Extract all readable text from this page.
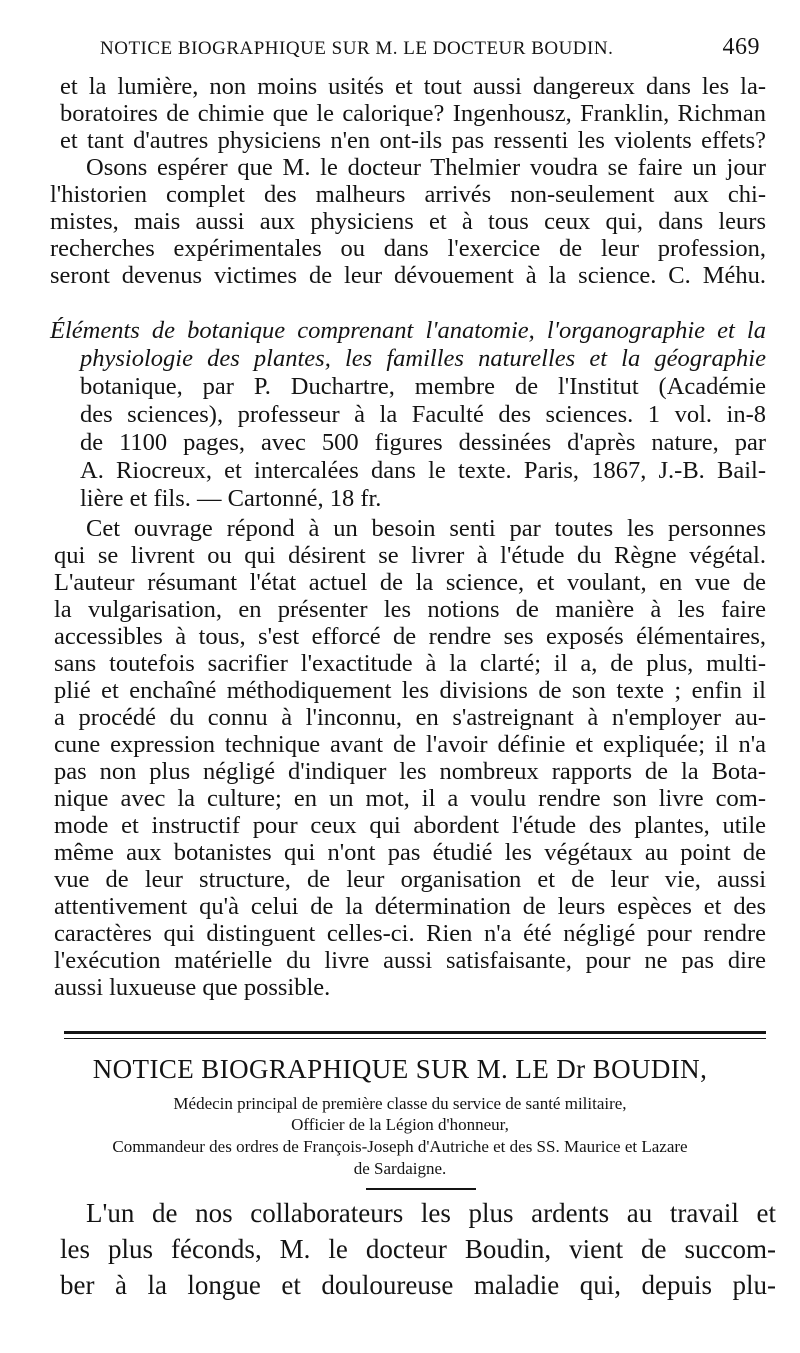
NOTICE BIOGRAPHIQUE SUR M. LE DOCTEUR BOUDIN.	469
et la lumière, non moins usités et tout aussi dangereux dans les la-
boratoires de chimie que le calorique? Ingenhousz, Franklin, Richman
et tant d'autres physiciens n'en ont-ils pas ressenti les violents effets?
Osons espérer que M. le docteur Thelmier voudra se faire un jour
l'historien complet des malheurs arrivés non-seulement aux chi-
mistes, mais aussi aux physiciens et à tous ceux qui, dans leurs
recherches expérimentales ou dans l'exercice de leur profession,
seront devenus victimes de leur dévouement à la science. C. Méhu.
Éléments de botanique comprenant l'anatomie, l'organographie et la
physiologie des plantes, les familles naturelles et la géographie
botanique, par P. Duchartre, membre de l'Institut (Académie
des sciences), professeur à la Faculté des sciences. 1 vol. in-8
de 1100 pages, avec 500 figures dessinées d'après nature, par
A. Riocreux, et intercalées dans le texte. Paris, 1867, J.-B. Bail-
lière et fils. — Cartonné, 18 fr.
Cet ouvrage répond à un besoin senti par toutes les personnes
qui se livrent ou qui désirent se livrer à l'étude du Règne végétal.
L'auteur résumant l'état actuel de la science, et voulant, en vue de
la vulgarisation, en présenter les notions de manière à les faire
accessibles à tous, s'est efforcé de rendre ses exposés élémentaires,
sans toutefois sacrifier l'exactitude à la clarté; il a, de plus, multi-
plié et enchaîné méthodiquement les divisions de son texte ; enfin il
a procédé du connu à l'inconnu, en s'astreignant à n'employer au-
cune expression technique avant de l'avoir définie et expliquée; il n'a
pas non plus négligé d'indiquer les nombreux rapports de la Bota-
nique avec la culture; en un mot, il a voulu rendre son livre com-
mode et instructif pour ceux qui abordent l'étude des plantes, utile
même aux botanistes qui n'ont pas étudié les végétaux au point de
vue de leur structure, de leur organisation et de leur vie, aussi
attentivement qu'à celui de la détermination de leurs espèces et des
caractères qui distinguent celles-ci. Rien n'a été négligé pour rendre
l'exécution matérielle du livre aussi satisfaisante, pour ne pas dire
aussi luxueuse que possible.
NOTICE BIOGRAPHIQUE SUR M. LE Dr BOUDIN,
Médecin principal de première classe du service de santé militaire,
Officier de la Légion d'honneur,
Commandeur des ordres de François-Joseph d'Autriche et des SS. Maurice et Lazare
de Sardaigne.
L'un de nos collaborateurs les plus ardents au travail et
les plus féconds, M. le docteur Boudin, vient de succom-
ber à la longue et douloureuse maladie qui, depuis plu-
